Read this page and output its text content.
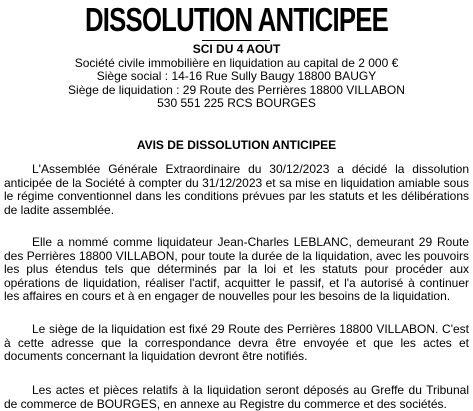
DISSOLUTION ANTICIPEE
SCI DU 4 AOUT
Société civile immobilière en liquidation au capital de 2 000 €
Siège social : 14-16 Rue Sully Baugy 18800 BAUGY
Siège de liquidation : 29 Route des Perrières 18800 VILLABON
530 551 225 RCS BOURGES
AVIS DE DISSOLUTION ANTICIPEE
L'Assemblée Générale Extraordinaire du 30/12/2023 a décidé la dissolution anticipée de la Société à compter du 31/12/2023 et sa mise en liquidation amiable sous le régime conventionnel dans les conditions prévues par les statuts et les délibérations de ladite assemblée.
Elle a nommé comme liquidateur Jean-Charles LEBLANC, demeurant 29 Route des Perrières 18800 VILLABON, pour toute la durée de la liquidation, avec les pouvoirs les plus étendus tels que déterminés par la loi et les statuts pour procéder aux opérations de liquidation, réaliser l'actif, acquitter le passif, et l'a autorisé à continuer les affaires en cours et à en engager de nouvelles pour les besoins de la liquidation.
Le siège de la liquidation est fixé 29 Route des Perrières 18800 VILLABON. C'est à cette adresse que la correspondance devra être envoyée et que les actes et documents concernant la liquidation devront être notifiés.
Les actes et pièces relatifs à la liquidation seront déposés au Greffe du Tribunal de commerce de BOURGES, en annexe au Registre du commerce et des sociétés.
